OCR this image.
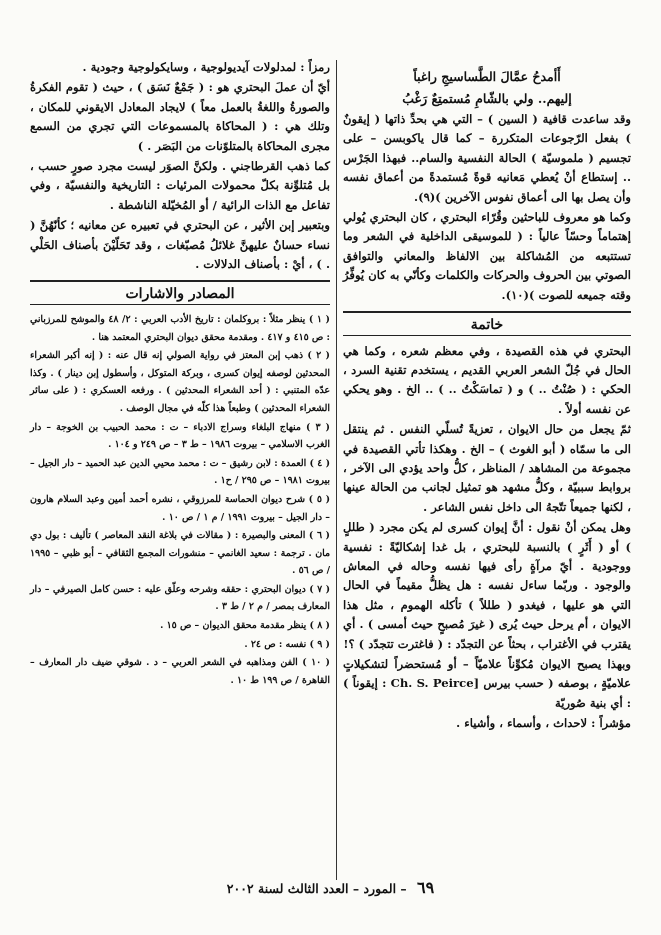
أَأمدحُ عمَّالَ الطَّساسيجِ راغباً
إليهم.. ولي بالشّامِ مُستمتِعٌ رَغْبُ

وقد ساعدت قافية ( السين ) – التي هي بحدِّ ذاتها ( إيقونٌ ) بفعل الرّجوعات المتكررة – كما قال ياكوبسن – على تجسيم ( ملموسيّة ) الحالة النفسية والسام.. فبهذا الجَرْس .. إستطاع أنْ يُعطي مَعانيه قوةً مُستمدةً من أعماق نفسه وأن يصل بها الى أعماق نفوس الآخرين )(٩).

وكما هو معروف للباحثين وقُرّاء البحتري ، كان البحتري يُولي إهتماماً وحسّاً عالياً : ( للموسيقى الداخلية في الشعر وما تستتبعه من المُشاكلة بين الالفاظ والمعاني والتوافق الصوتي بين الحروف والحركات والكلمات وكأنّي به كان يُوفِّرُ وقته جميعه للصوت )(١٠).

خاتمة

البحتري في هذه القصيدة ، وفي معظم شعره ، وكما هي الحال في جُلّ الشعر العربي القديم ، يستخدم تقنية السرد ، الحكي : ( صُنْتُ .. ) و ( تماسَكْتُ .. ) .. الخ . وهو يحكي عن نفسه أولاً .

ثمّ يجعل من حال الايوان ، تعزيةً تُسلّي النفس . ثم ينتقل الى ما سمّاه ( أبو الغوث ) – الخ . وهكذا تأتي القصيدة في مجموعة من المشاهد / المناظر ، كلُّ واحد يؤدي الى الآخر ، بروابط سببيّة ، وكلُّ مشهد هو تمثيل لجانب من الحالة عينها ، لكنها جميعاً تتّجهُ الى داخل نفس الشاعر .

وهل يمكن أنْ نقول : أنَّ إيوان كسرى لم يكن مجرد ( طللٍ ) أو ( أَثَرٍ ) بالنسبة للبحتري ، بل غدا إشكاليّةً : نفسية ووجودية . أيّ مرآةٍ رأى فيها نفسه وحاله في المعاش والوجود . وربّما ساءل نفسه : هل يظلُّ مقيماً في الحال التي هو عليها ، فيغدو ( طللاً ) تأكله الهموم ، مثل هذا الايوان ، أم يرحل حيث يُرى ( غيرَ مُصبحٍ حيث أمسى ) . أي يقترب في الأغتراب ، بحثاً عن التجدّد : ( فاغترت تتجدّد ) ؟!

وبهذا يصبح الايوان مُكوِّناً علاميّاً – أو مُستحضراً لتشكيلاتٍ علاميّةٍ ، بوصفه ( حسب بيرس [Ch. S. Peirce : إيقوناً ) : أي بنية صُوريّة

مؤشراً : لاحداث ، وأسماء ، وأشياء .

رمزاً : لمدلولات آيديولوجية ، وسايكولوجية وجودية .

أيّ أن عملَ البحتري هو : ( جَمْعٌ نَسَق ) ، حيث ( تقوم الفكرةُ والصورةُ واللغةُ بالعمل معاً ) لايجاد المعادل الايقوني للمكان ، وتلك هي : ( المحاكاة بالمسموعات التي تجري من السمع مجرى المحاكاة بالمتلوّنات من البَصَر . )

كما ذهب القرطاجني . ولكنَّ الصوَر ليست مجرد صورٍ حسب ، بل مُتلوِّنة بكلّ محمولات المرئيات : التاريخية والنفسيّة ، وفي تفاعل مع الذات الرائية / أو المُخيّلة الناشطة .

وبتعبير إبن الأثير ، عن البحتري في تعبيره عن معانيه ؛ كأنّهُنَّ ( نساء حسانٌ عليهنَّ غلائلُ مُصبّغات ، وقد تَحَلّيْنَ بأصناف الحَلْي . ) ، أيْ : بأصناف الدلالات .

المصادر والاشارات

( ١ ) ينظر مثلاً : بروكلمان : تاريخ الأدب العربي : ٢/ ٤٨ والموشح للمرزباني : ص ٤١٥ و ٤١٧ . ومقدمة محقق ديوان البحتري المعتمد هنا .

( ٢ ) ذهب إبن المعتز في رواية الصولي إنه قال عنه : ( إنه أكبر الشعراء المحدثين لوصفه إيوان كسرى ، وبركة المتوكل ، وأسطول إبن دينار ) . وكذا عدّه المتنبي : ( أحد الشعراء المحدثين ) . ورفعه العسكري : ( على سائر الشعراء المحدثين ) وطبعاً هذا كلّه في مجال الوصف .

( ٣ ) منهاج البلغاء وسراج الادباء – ت : محمد الحبيب بن الخوجة – دار الغرب الاسلامي – بيروت ١٩٨٦ – ط ٣ – ص ٢٤٩ و ١٠٤ .

( ٤ ) العمدة : لابن رشيق – ت : محمد محيي الدين عبد الحميد – دار الجيل – بيروت ١٩٨١ – ص ٢٩٥ / ح١ .

( ٥ ) شرح ديوان الحماسة للمرزوقي ، نشره أحمد أمين وعبد السلام هارون – دار الجيل – بيروت ١٩٩١ / م ١ / ص ١٠ .

( ٦ ) المعنى والبصيرة : ( مقالات في بلاغة النقد المعاصر ) تأليف : بول دي مان . ترجمة : سعيد الغانمي – منشورات المجمع الثقافي – أبو ظبي – ١٩٩٥ / ص ٥٦ .

( ٧ ) ديوان البحتري : حققه وشرحه وعلّق عليه : حسن كامل الصيرفي – دار المعارف بمصر / م ٢ / ط ٣ .

( ٨ ) ينظر مقدمة محقق الديوان – ص ١٥ .

( ٩ ) نفسه : ص ٢٤ .

( ١٠ ) الفن ومذاهبه في الشعر العربي – د . شوقي ضيف دار المعارف – القاهرة / ص ١٩٩ ط ١٠ .

٦٩ – المورد – العدد الثالث لسنة ٢٠٠٢
